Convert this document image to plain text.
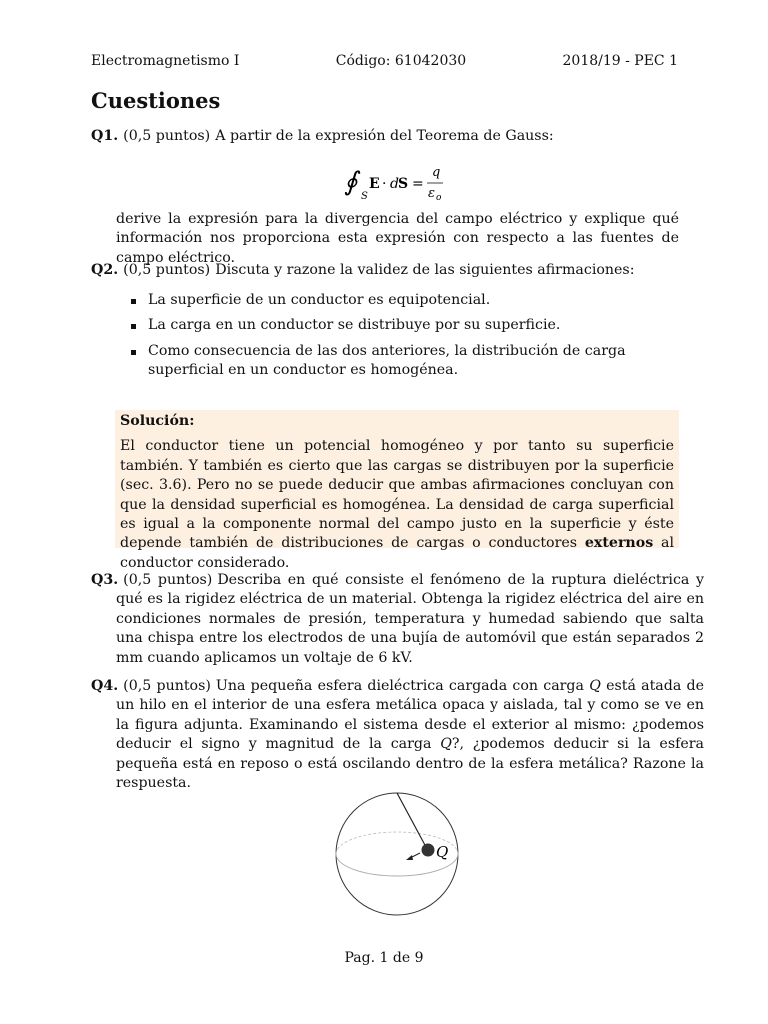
Electromagnetismo I	Código: 61042030	2018/19 - PEC 1
Cuestiones
Q1. (0,5 puntos) A partir de la expresión del Teorema de Gauss:
∮ S
E · d S =
q
ε o
derive la expresión para la divergencia del campo eléctrico y explique qué información nos proporciona esta expresión con respecto a las fuentes de campo eléctrico.
Q2. (0,5 puntos) Discuta y razone la validez de las siguientes afirmaciones:
La superficie de un conductor es equipotencial.
La carga en un conductor se distribuye por su superficie.
Como consecuencia de las dos anteriores, la distribución de carga superficial en un conductor es homogénea.
Solución:
El conductor tiene un potencial homogéneo y por tanto su superficie también. Y también es cierto que las cargas se distribuyen por la superficie (sec. 3.6). Pero no se puede deducir que ambas afirmaciones concluyan con que la densidad superficial es homogénea. La densidad de carga superficial es igual a la componente normal del campo justo en la superficie y éste depende también de distribuciones de cargas o conductores externos al conductor considerado.
Q3. (0,5 puntos) Describa en qué consiste el fenómeno de la ruptura dieléctrica y qué es la rigidez eléctrica de un material. Obtenga la rigidez eléctrica del aire en condiciones normales de presión, temperatura y humedad sabiendo que salta una chispa entre los electrodos de una bujía de automóvil que están separados 2 mm cuando aplicamos un voltaje de 6 kV.
Q4. (0,5 puntos) Una pequeña esfera dieléctrica cargada con carga Q está atada de un hilo en el interior de una esfera metálica opaca y aislada, tal y como se ve en la figura adjunta. Examinando el sistema desde el exterior al mismo: ¿podemos deducir el signo y magnitud de la carga Q?, ¿podemos deducir si la esfera pequeña está en reposo o está oscilando dentro de la esfera metálica? Razone la respuesta.
Q
Pag. 1 de 9
